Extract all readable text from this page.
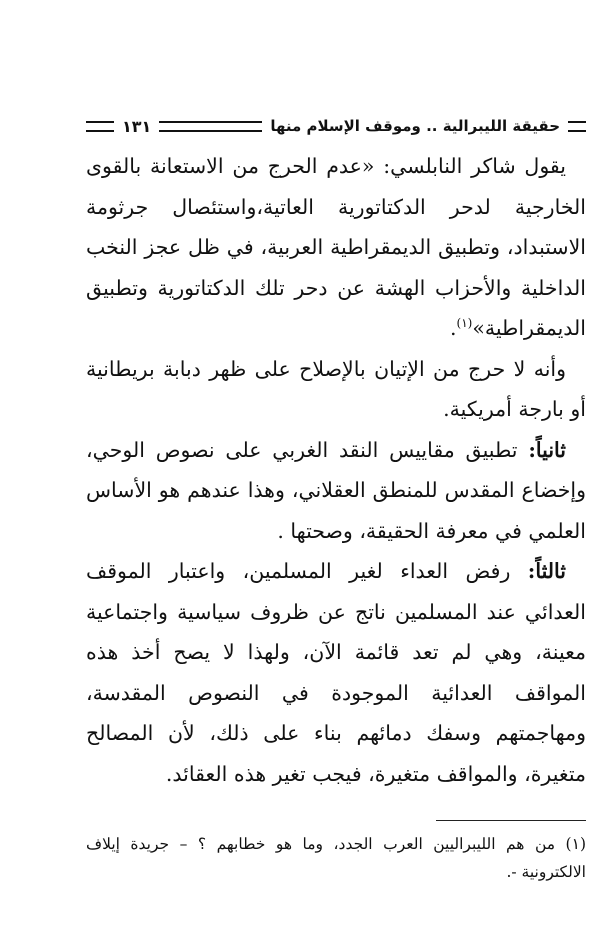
حقيقة الليبرالية .. وموقف الإسلام منها
١٣١

يقول شاكر النابلسي: «عدم الحرج من الاستعانة بالقوى الخارجية لدحر الدكتاتورية العاتية،واستئصال جرثومة الاستبداد، وتطبيق الديمقراطية العربية، في ظل عجز النخب الداخلية والأحزاب الهشة عن دحر تلك الدكتاتورية وتطبيق الديمقراطية»$^{(١)}$.

وأنه لا حرج من الإتيان بالإصلاح على ظهر دبابة بريطانية أو بارجة أمريكية.

ثانياً: تطبيق مقاييس النقد الغربي على نصوص الوحي، وإخضاع المقدس للمنطق العقلاني، وهذا عندهم هو الأساس العلمي في معرفة الحقيقة، وصحتها .

ثالثاً: رفض العداء لغير المسلمين، واعتبار الموقف العدائي عند المسلمين ناتج عن ظروف سياسية واجتماعية معينة، وهي لم تعد قائمة الآن، ولهذا لا يصح أخذ هذه المواقف العدائية الموجودة في النصوص المقدسة، ومهاجمتهم وسفك دمائهم بناء على ذلك، لأن المصالح متغيرة، والمواقف متغيرة، فيجب تغير هذه العقائد.

(١) من هم الليبراليين العرب الجدد، وما هو خطابهم ؟ – جريدة إيلاف الالكترونية -.
